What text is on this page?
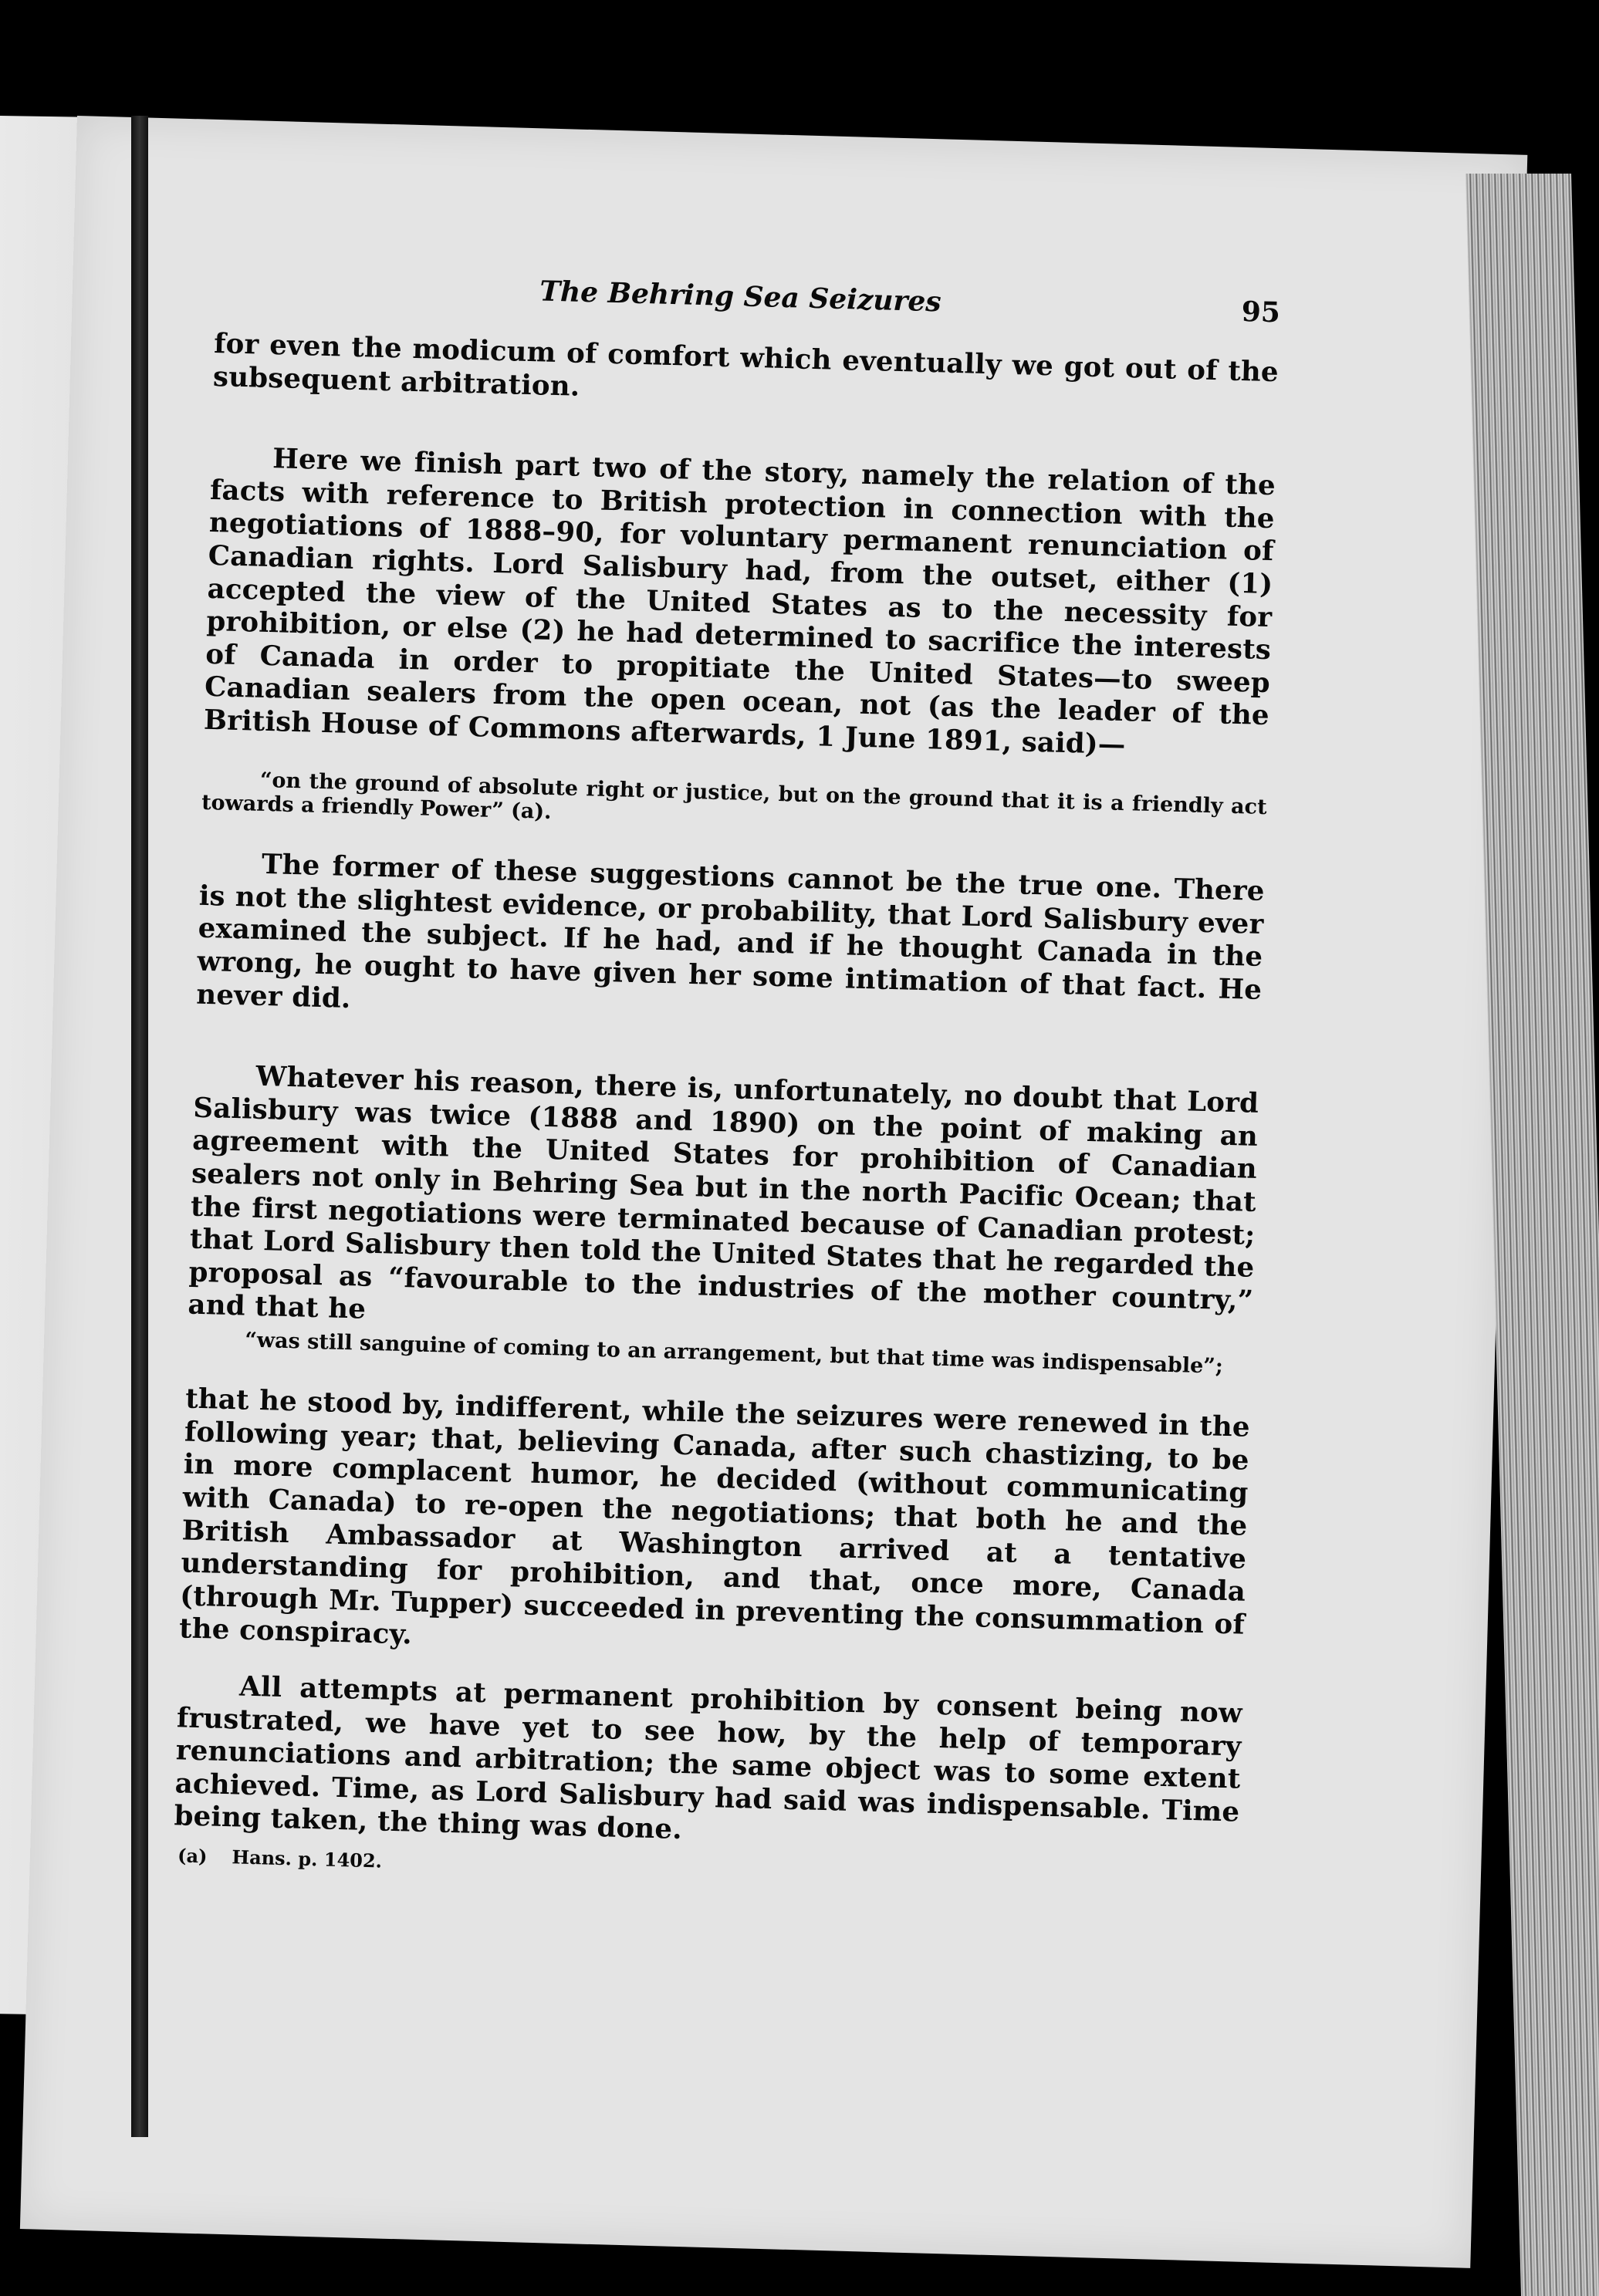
The Behring Sea Seizures	95

for even the modicum of comfort which eventually we got out of the subsequent arbitration.

Here we finish part two of the story, namely the relation of the facts with reference to British protection in connection with the negotiations of 1888–90, for voluntary permanent renunciation of Canadian rights. Lord Salisbury had, from the outset, either (1) accepted the view of the United States as to the necessity for prohibition, or else (2) he had determined to sacrifice the interests of Canada in order to propitiate the United States—to sweep Canadian sealers from the open ocean, not (as the leader of the British House of Commons afterwards, 1 June 1891, said)—

“on the ground of absolute right or justice, but on the ground that it is a friendly act towards a friendly Power” (a).

The former of these suggestions cannot be the true one. There is not the slightest evidence, or probability, that Lord Salisbury ever examined the subject. If he had, and if he thought Canada in the wrong, he ought to have given her some intimation of that fact. He never did.

Whatever his reason, there is, unfortunately, no doubt that Lord Salisbury was twice (1888 and 1890) on the point of making an agreement with the United States for prohibition of Canadian sealers not only in Behring Sea but in the north Pacific Ocean; that the first negotiations were terminated because of Canadian protest; that Lord Salisbury then told the United States that he regarded the proposal as “favourable to the industries of the mother country,” and that he

“was still sanguine of coming to an arrangement, but that time was indispensable”;

that he stood by, indifferent, while the seizures were renewed in the following year; that, believing Canada, after such chastizing, to be in more complacent humor, he decided (without communicating with Canada) to re-open the negotiations; that both he and the British Ambassador at Washington arrived at a tentative understanding for prohibition, and that, once more, Canada (through Mr. Tupper) succeeded in preventing the consummation of the conspiracy.

All attempts at permanent prohibition by consent being now frustrated, we have yet to see how, by the help of temporary renunciations and arbitration; the same object was to some extent achieved. Time, as Lord Salisbury had said was indispensable. Time being taken, the thing was done.

(a) Hans. p. 1402.
